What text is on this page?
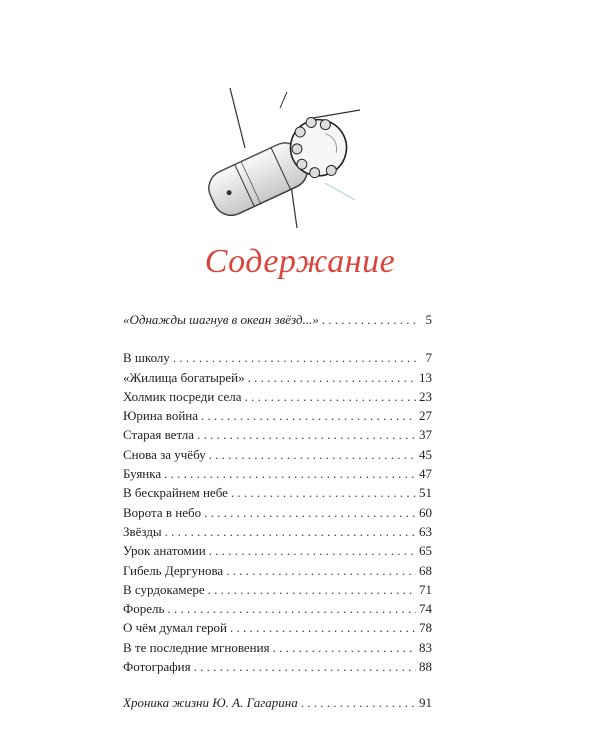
Содержание
«Однажды шагнув в океан звёзд...» . . .	5
В школу . . .	7
«Жилища богатырей» . . .	13
Холмик посреди села . . .	23
Юрина война . . .	27
Старая ветла . . .	37
Снова за учёбу . . .	45
Буянка . . .	47
В бескрайнем небе . . .	51
Ворота в небо . . .	60
Звёзды . . .	63
Урок анатомии . . .	65
Гибель Дергунова . . .	68
В сурдокамере . . .	71
Форель . . .	74
О чём думал герой . . .	78
В те последние мгновения . . .	83
Фотография . . .	88
Хроника жизни Ю. А. Гагарина . . .	91
